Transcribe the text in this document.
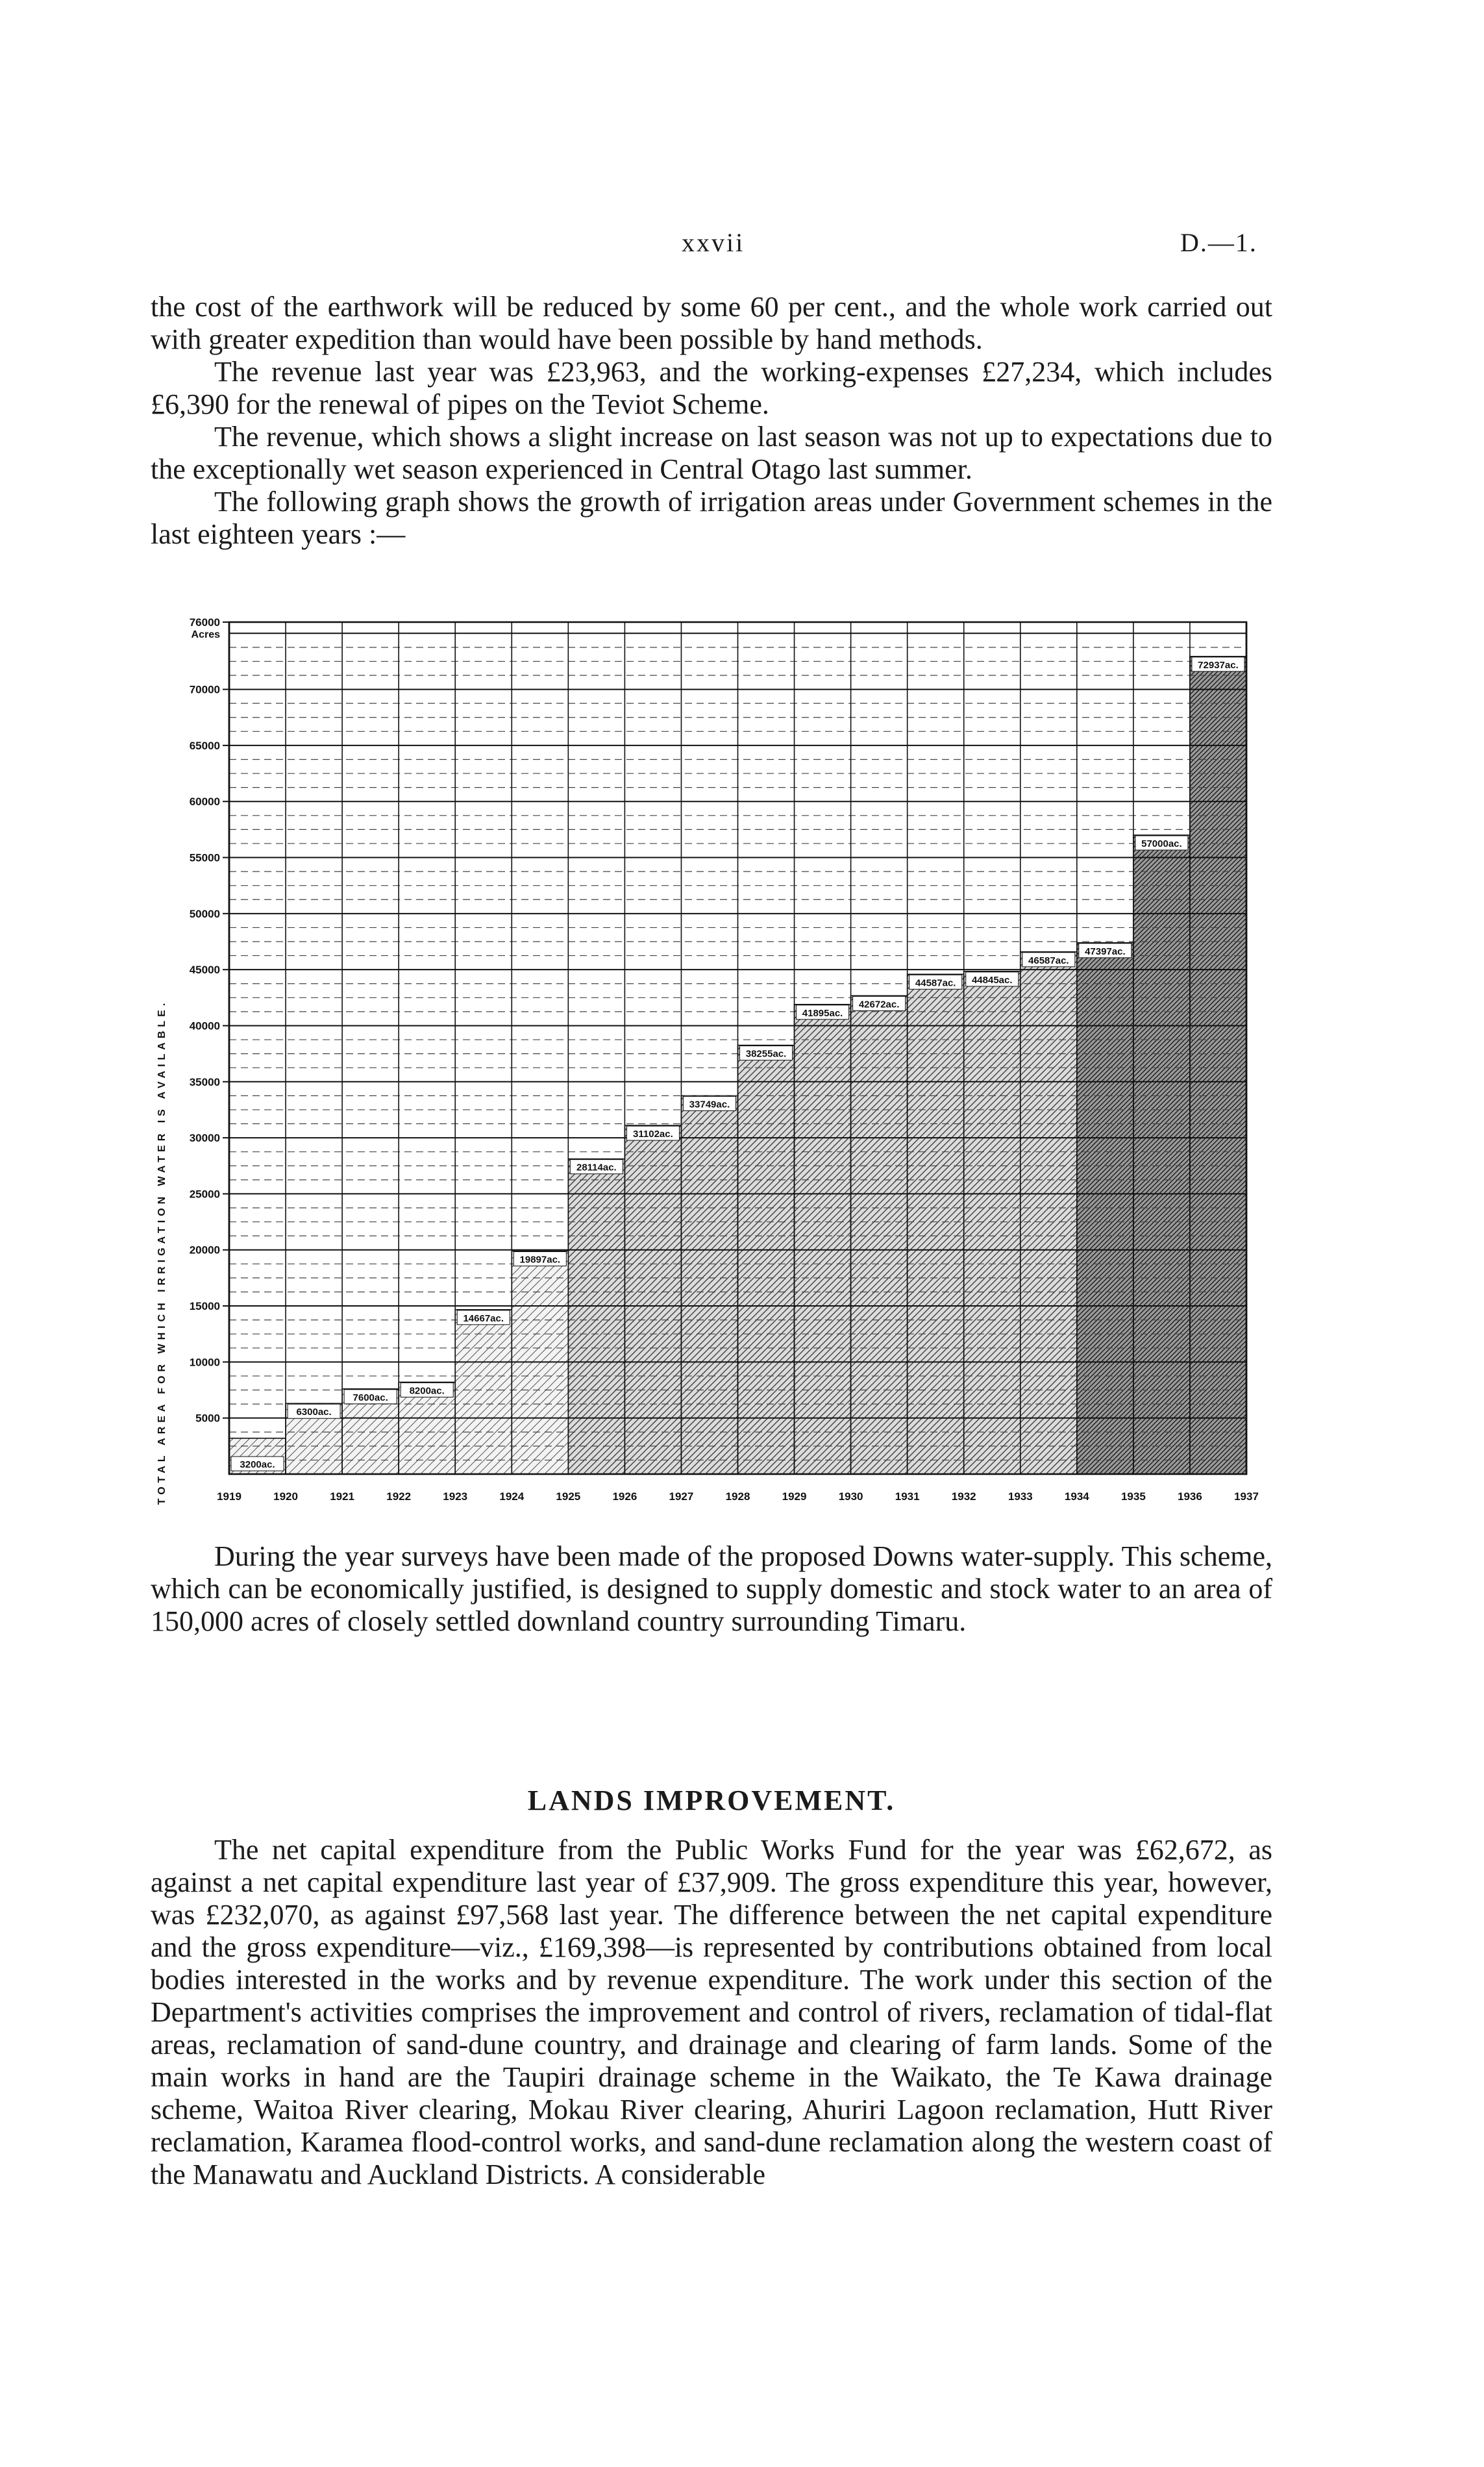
xxvii	D.—1.

the cost of the earthwork will be reduced by some 60 per cent., and the whole work carried out with greater expedition than would have been possible by hand methods.

The revenue last year was £23,963, and the working-expenses £27,234, which includes £6,390 for the renewal of pipes on the Teviot Scheme.

The revenue, which shows a slight increase on last season was not up to expectations due to the exceptionally wet season experienced in Central Otago last summer.

The following graph shows the growth of irrigation areas under Government schemes in the last eighteen years :—

76000
70000
65000
60000
55000
50000
45000
40000
35000
30000
25000
20000
15000
10000
5000
Acres
1919	1920	1921	1922	1923	1924	1925	1926	1927	1928	1929	1930	1931	1932	1933	1934	1935	1936	1937
3200ac.
6300ac.
7600ac.
8200ac.
14667ac.
19897ac.
28114ac.
31102ac.
33749ac.
38255ac.
41895ac.
42672ac.
44587ac. 44845ac.
46587ac.
47397ac.
57000ac.
72937ac.
TOTAL AREA FOR WHICH IRRIGATION WATER IS AVAILABLE.

During the year surveys have been made of the proposed Downs water-supply. This scheme, which can be economically justified, is designed to supply domestic and stock water to an area of 150,000 acres of closely settled downland country surrounding Timaru.

LANDS IMPROVEMENT.

The net capital expenditure from the Public Works Fund for the year was £62,672, as against a net capital expenditure last year of £37,909. The gross expenditure this year, however, was £232,070, as against £97,568 last year. The difference between the net capital expenditure and the gross expenditure—viz., £169,398—is represented by contributions obtained from local bodies interested in the works and by revenue expenditure. The work under this section of the Department's activities comprises the improvement and control of rivers, reclamation of tidal-flat areas, reclamation of sand-dune country, and drainage and clearing of farm lands. Some of the main works in hand are the Taupiri drainage scheme in the Waikato, the Te Kawa drainage scheme, Waitoa River clearing, Mokau River clearing, Ahuriri Lagoon reclamation, Hutt River reclamation, Karamea flood-control works, and sand-dune reclamation along the western coast of the Manawatu and Auckland Districts. A considerable
